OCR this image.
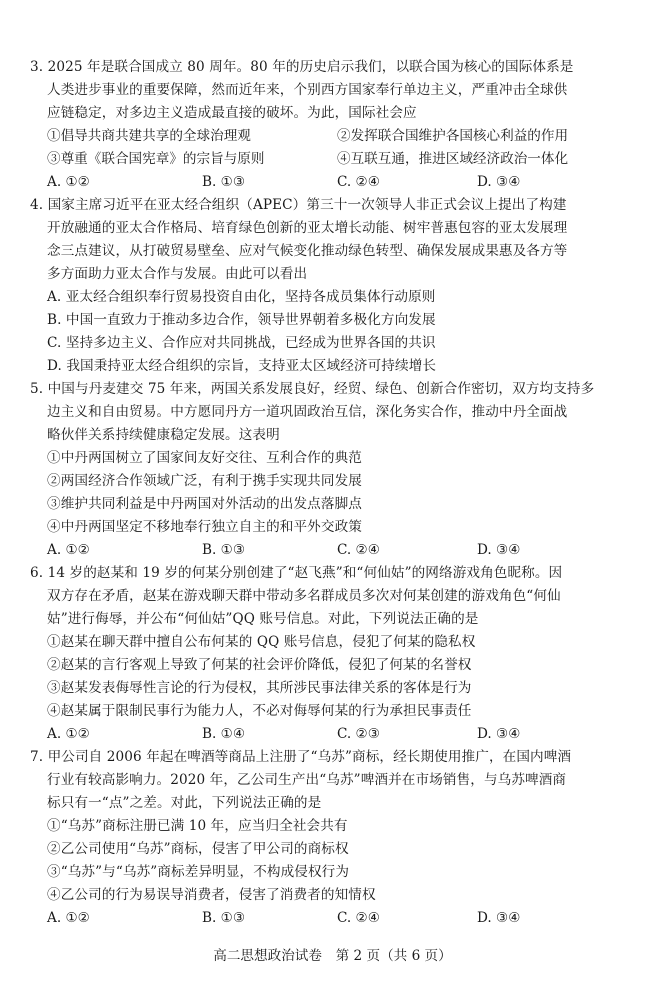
3. 2025 年是联合国成立 80 周年。80 年的历史启示我们，以联合国为核心的国际体系是
人类进步事业的重要保障，然而近年来，个别西方国家奉行单边主义，严重冲击全球供
应链稳定，对多边主义造成最直接的破坏。为此，国际社会应
①倡导共商共建共享的全球治理观	②发挥联合国维护各国核心利益的作用
③尊重《联合国宪章》的宗旨与原则	④互联互通，推进区域经济政治一体化
A. ①②	B. ①③	C. ②④	D. ③④
4. 国家主席习近平在亚太经合组织（APEC）第三十一次领导人非正式会议上提出了构建
开放融通的亚太合作格局、培育绿色创新的亚太增长动能、树牢普惠包容的亚太发展理
念三点建议，从打破贸易壁垒、应对气候变化推动绿色转型、确保发展成果惠及各方等
多方面助力亚太合作与发展。由此可以看出
A. 亚太经合组织奉行贸易投资自由化，坚持各成员集体行动原则
B. 中国一直致力于推动多边合作，领导世界朝着多极化方向发展
C. 坚持多边主义、合作应对共同挑战，已经成为世界各国的共识
D. 我国秉持亚太经合组织的宗旨，支持亚太区域经济可持续增长
5. 中国与丹麦建交 75 年来，两国关系发展良好，经贸、绿色、创新合作密切，双方均支持多
边主义和自由贸易。中方愿同丹方一道巩固政治互信，深化务实合作，推动中丹全面战
略伙伴关系持续健康稳定发展。这表明
①中丹两国树立了国家间友好交往、互利合作的典范
②两国经济合作领域广泛，有利于携手实现共同发展
③维护共同利益是中丹两国对外活动的出发点落脚点
④中丹两国坚定不移地奉行独立自主的和平外交政策
A. ①②	B. ①③	C. ②④	D. ③④
6. 14 岁的赵某和 19 岁的何某分别创建了“赵飞燕”和“何仙姑”的网络游戏角色昵称。因
双方存在矛盾，赵某在游戏聊天群中带动多名群成员多次对何某创建的游戏角色“何仙
姑”进行侮辱，并公布“何仙姑”QQ 账号信息。对此，下列说法正确的是
①赵某在聊天群中擅自公布何某的 QQ 账号信息，侵犯了何某的隐私权
②赵某的言行客观上导致了何某的社会评价降低，侵犯了何某的名誉权
③赵某发表侮辱性言论的行为侵权，其所涉民事法律关系的客体是行为
④赵某属于限制民事行为能力人，不必对侮辱何某的行为承担民事责任
A. ①②	B. ①④	C. ②③	D. ③④
7. 甲公司自 2006 年起在啤酒等商品上注册了“乌苏”商标，经长期使用推广，在国内啤酒
行业有较高影响力。2020 年，乙公司生产出“乌苏”啤酒并在市场销售，与乌苏啤酒商
标只有一“点”之差。对此，下列说法正确的是
①“乌苏”商标注册已满 10 年，应当归全社会共有
②乙公司使用“乌苏”商标，侵害了甲公司的商标权
③“乌苏”与“乌苏”商标差异明显，不构成侵权行为
④乙公司的行为易误导消费者，侵害了消费者的知情权
A. ①②	B. ①③	C. ②④	D. ③④
高二思想政治试卷　第 2 页（共 6 页）
